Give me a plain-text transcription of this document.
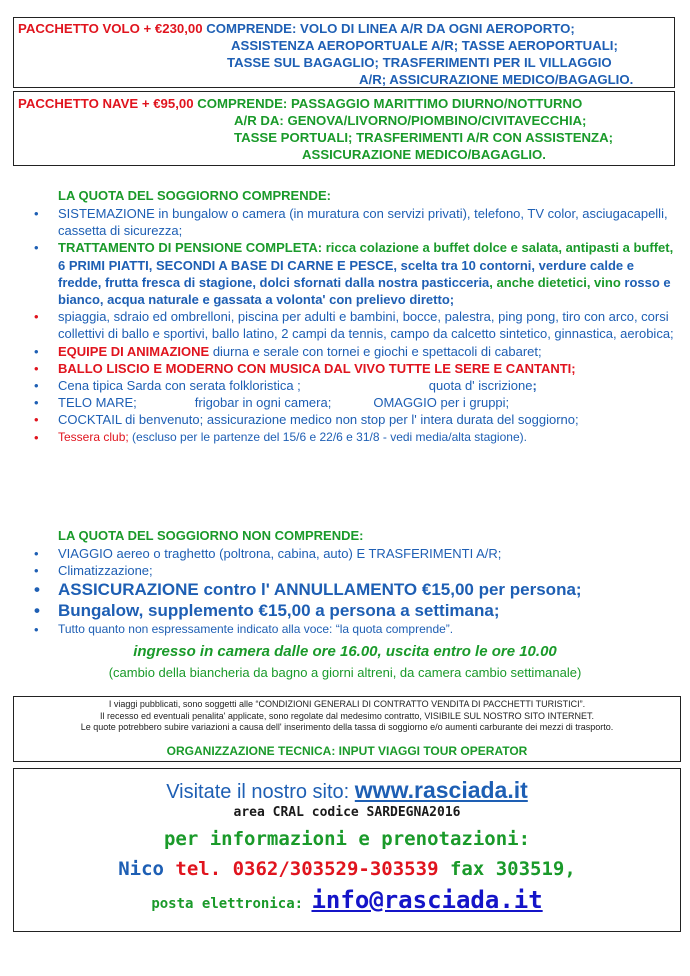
PACCHETTO VOLO + €230,00 COMPRENDE: VOLO DI LINEA A/R DA OGNI AEROPORTO;
ASSISTENZA AEROPORTUALE A/R; TASSE AEROPORTUALI;
TASSE SUL BAGAGLIO; TRASFERIMENTI PER IL VILLAGGIO
A/R; ASSICURAZIONE MEDICO/BAGAGLIO.
PACCHETTO NAVE + €95,00 COMPRENDE: PASSAGGIO MARITTIMO DIURNO/NOTTURNO
A/R DA: GENOVA/LIVORNO/PIOMBINO/CIVITAVECCHIA;
TASSE PORTUALI; TRASFERIMENTI A/R CON ASSISTENZA;
ASSICURAZIONE MEDICO/BAGAGLIO.
LA QUOTA DEL SOGGIORNO COMPRENDE:
• SISTEMAZIONE in bungalow o camera (in muratura con servizi privati), telefono, TV color, asciugacapelli, cassetta di sicurezza;
• TRATTAMENTO DI PENSIONE COMPLETA: ricca colazione a buffet dolce e salata, antipasti a buffet, 6 PRIMI PIATTI, SECONDI A BASE DI CARNE E PESCE, scelta tra 10 contorni, verdure calde e fredde, frutta fresca di stagione, dolci sfornati dalla nostra pasticceria, anche dietetici, vino rosso e bianco, acqua naturale e gassata a volonta' con prelievo diretto;
• spiaggia, sdraio ed ombrelloni, piscina per adulti e bambini, bocce, palestra, ping pong, tiro con arco, corsi collettivi di ballo e sportivi, ballo latino, 2 campi da tennis, campo da calcetto sintetico, ginnastica, aerobica;
• EQUIPE DI ANIMAZIONE diurna e serale con tornei e giochi e spettacoli di cabaret;
• BALLO LISCIO E MODERNO CON MUSICA DAL VIVO TUTTE LE SERE E CANTANTI;
• Cena tipica Sarda con serata folkloristica ;	quota d' iscrizione;
• TELO MARE;	frigobar in ogni camera;	OMAGGIO per i gruppi;
• COCKTAIL di benvenuto; assicurazione medico non stop per l' intera durata del soggiorno;
• Tessera club; (escluso per le partenze del 15/6 e 22/6 e 31/8 - vedi media/alta stagione).
LA QUOTA DEL SOGGIORNO NON COMPRENDE:
• VIAGGIO aereo o traghetto (poltrona, cabina, auto) E TRASFERIMENTI A/R;
• Climatizzazione;
• ASSICURAZIONE contro l' ANNULLAMENTO €15,00 per persona;
• Bungalow, supplemento €15,00 a persona a settimana;
• Tutto quanto non espressamente indicato alla voce: “la quota comprende”.
ingresso in camera dalle ore 16.00, uscita entro le ore 10.00
(cambio della biancheria da bagno a giorni altreni, da camera cambio settimanale)
I viaggi pubblicati, sono soggetti alle “CONDIZIONI GENERALI DI CONTRATTO VENDITA DI PACCHETTI TURISTICI”.
Il recesso ed eventuali penalita' applicate, sono regolate dal medesimo contratto, VISIBILE SUL NOSTRO SITO INTERNET.
Le quote potrebbero subire variazioni a causa dell' inserimento della tassa di soggiorno e/o aumenti carburante dei mezzi di trasporto.
ORGANIZZAZIONE TECNICA: INPUT VIAGGI TOUR OPERATOR
Visitate il nostro sito: www.rasciada.it
area CRAL codice SARDEGNA2016
per informazioni e prenotazioni:
Nico tel. 0362/303529-303539 fax 303519,
posta elettronica: info@rasciada.it
